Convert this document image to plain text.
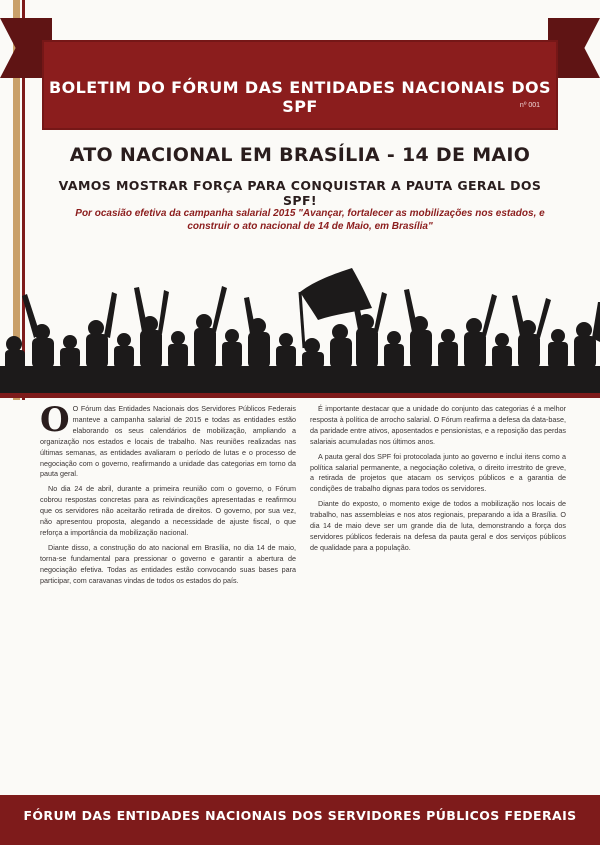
BOLETIM DO FÓRUM DAS ENTIDADES NACIONAIS DOS SPF	nº 001
ATO NACIONAL EM BRASÍLIA - 14 DE MAIO
VAMOS MOSTRAR FORÇA PARA CONQUISTAR A PAUTA GERAL DOS SPF!
Por ocasião efetiva da campanha salarial 2015 "Avançar, fortalecer as mobilizações nos estados, e construir o ato nacional de 14 de Maio, em Brasília"

O O Fórum das Entidades Nacionais dos Servidores Públicos Federais manteve a campanha salarial de 2015 e todas as entidades estão elaborando os seus calendários de mobilização, ampliando a organização nos estados e locais de trabalho. Nas reuniões realizadas nas últimas semanas, as entidades avaliaram o período de lutas e o processo de negociação com o governo, reafirmando a unidade das categorias em torno da pauta geral.

No dia 24 de abril, durante a primeira reunião com o governo, o Fórum cobrou respostas concretas para as reivindicações apresentadas e reafirmou que os servidores não aceitarão retirada de direitos. O governo, por sua vez, não apresentou proposta, alegando a necessidade de ajuste fiscal, o que reforça a importância da mobilização nacional.

Diante disso, a construção do ato nacional em Brasília, no dia 14 de maio, torna-se fundamental para pressionar o governo e garantir a abertura de negociação efetiva. Todas as entidades estão convocando suas bases para participar, com caravanas vindas de todos os estados do país.

É importante destacar que a unidade do conjunto das categorias é a melhor resposta à política de arrocho salarial. O Fórum reafirma a defesa da data-base, da paridade entre ativos, aposentados e pensionistas, e a reposição das perdas salariais acumuladas nos últimos anos.

A pauta geral dos SPF foi protocolada junto ao governo e inclui itens como a política salarial permanente, a negociação coletiva, o direito irrestrito de greve, a retirada de projetos que atacam os serviços públicos e a garantia de condições de trabalho dignas para todos os servidores.

Diante do exposto, o momento exige de todos a mobilização nos locais de trabalho, nas assembleias e nos atos regionais, preparando a ida a Brasília. O dia 14 de maio deve ser um grande dia de luta, demonstrando a força dos servidores públicos federais na defesa da pauta geral e dos serviços públicos de qualidade para a população.

FÓRUM DAS ENTIDADES NACIONAIS DOS SERVIDORES PÚBLICOS FEDERAIS
